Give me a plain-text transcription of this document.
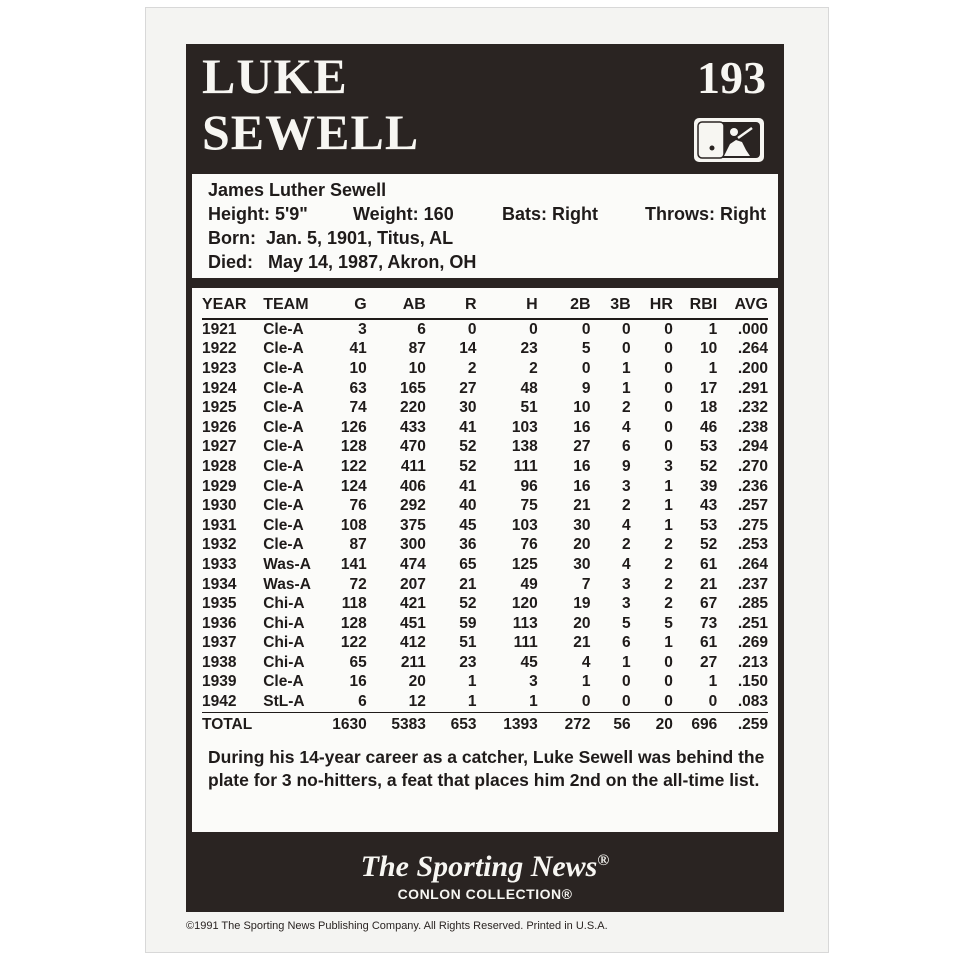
LUKE
SEWELL
193
James Luther Sewell
Height: 5'9"	Weight: 160	Bats: Right	Throws: Right
Born:  Jan. 5, 1901, Titus, AL
Died:   May 14, 1987, Akron, OH
YEAR	TEAM	G	AB	R	H	2B	3B	HR	RBI	AVG
1921	Cle-A	3	6	0	0	0	0	0	1	.000
1922	Cle-A	41	87	14	23	5	0	0	10	.264
1923	Cle-A	10	10	2	2	0	1	0	1	.200
1924	Cle-A	63	165	27	48	9	1	0	17	.291
1925	Cle-A	74	220	30	51	10	2	0	18	.232
1926	Cle-A	126	433	41	103	16	4	0	46	.238
1927	Cle-A	128	470	52	138	27	6	0	53	.294
1928	Cle-A	122	411	52	111	16	9	3	52	.270
1929	Cle-A	124	406	41	96	16	3	1	39	.236
1930	Cle-A	76	292	40	75	21	2	1	43	.257
1931	Cle-A	108	375	45	103	30	4	1	53	.275
1932	Cle-A	87	300	36	76	20	2	2	52	.253
1933	Was-A	141	474	65	125	30	4	2	61	.264
1934	Was-A	72	207	21	49	7	3	2	21	.237
1935	Chi-A	118	421	52	120	19	3	2	67	.285
1936	Chi-A	128	451	59	113	20	5	5	73	.251
1937	Chi-A	122	412	51	111	21	6	1	61	.269
1938	Chi-A	65	211	23	45	4	1	0	27	.213
1939	Cle-A	16	20	1	3	1	0	0	1	.150
1942	StL-A	6	12	1	1	0	0	0	0	.083
TOTAL		1630	5383	653	1393	272	56	20	696	.259
During his 14-year career as a catcher, Luke Sewell was behind the plate for 3 no-hitters, a feat that places him 2nd on the all-time list.
The Sporting News®
CONLON COLLECTION®
©1991 The Sporting News Publishing Company. All Rights Reserved. Printed in U.S.A.
